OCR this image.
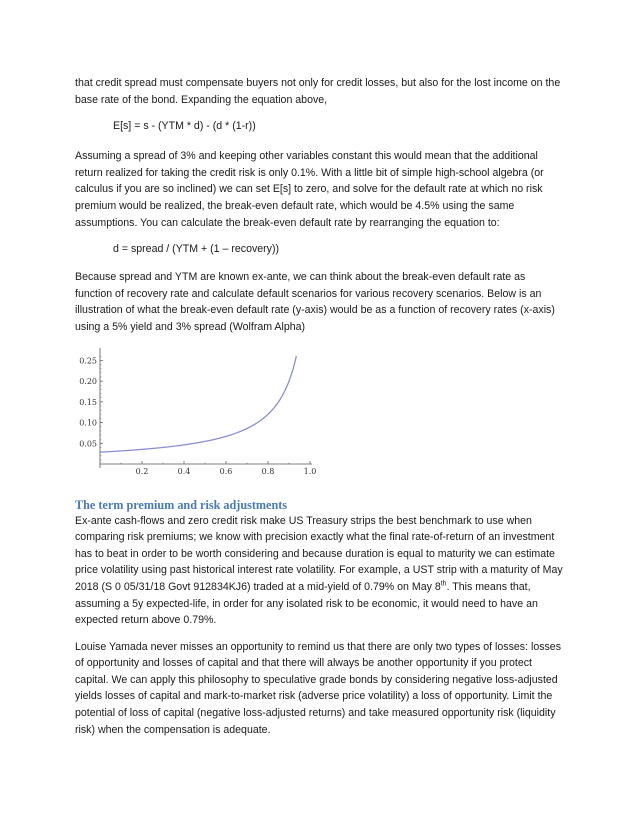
that credit spread must compensate buyers not only for credit losses, but also for the lost income on the base rate of the bond. Expanding the equation above,

E[s] = s - (YTM * d) - (d * (1-r))

Assuming a spread of 3% and keeping other variables constant this would mean that the additional return realized for taking the credit risk is only 0.1%. With a little bit of simple high-school algebra (or calculus if you are so inclined) we can set E[s] to zero, and solve for the default rate at which no risk premium would be realized, the break-even default rate, which would be 4.5% using the same assumptions. You can calculate the break-even default rate by rearranging the equation to:

d = spread / (YTM + (1 – recovery))

Because spread and YTM are known ex-ante, we can think about the break-even default rate as function of recovery rate and calculate default scenarios for various recovery scenarios. Below is an illustration of what the break-even default rate (y-axis) would be as a function of recovery rates (x-axis) using a 5% yield and 3% spread (Wolfram Alpha)

0.2	0.4	0.6	0.8	1.0
0.05
0.10
0.15
0.20
0.25
The term premium and risk adjustments

Ex-ante cash-flows and zero credit risk make US Treasury strips the best benchmark to use when comparing risk premiums; we know with precision exactly what the final rate-of-return of an investment has to beat in order to be worth considering and because duration is equal to maturity we can estimate price volatility using past historical interest rate volatility. For example, a UST strip with a maturity of May 2018 (S 0 05/31/18 Govt 912834KJ6) traded at a mid-yield of 0.79% on May 8th. This means that, assuming a 5y expected-life, in order for any isolated risk to be economic, it would need to have an expected return above 0.79%.

Louise Yamada never misses an opportunity to remind us that there are only two types of losses: losses of opportunity and losses of capital and that there will always be another opportunity if you protect capital. We can apply this philosophy to speculative grade bonds by considering negative loss-adjusted yields losses of capital and mark-to-market risk (adverse price volatility) a loss of opportunity. Limit the potential of loss of capital (negative loss-adjusted returns) and take measured opportunity risk (liquidity risk) when the compensation is adequate.
